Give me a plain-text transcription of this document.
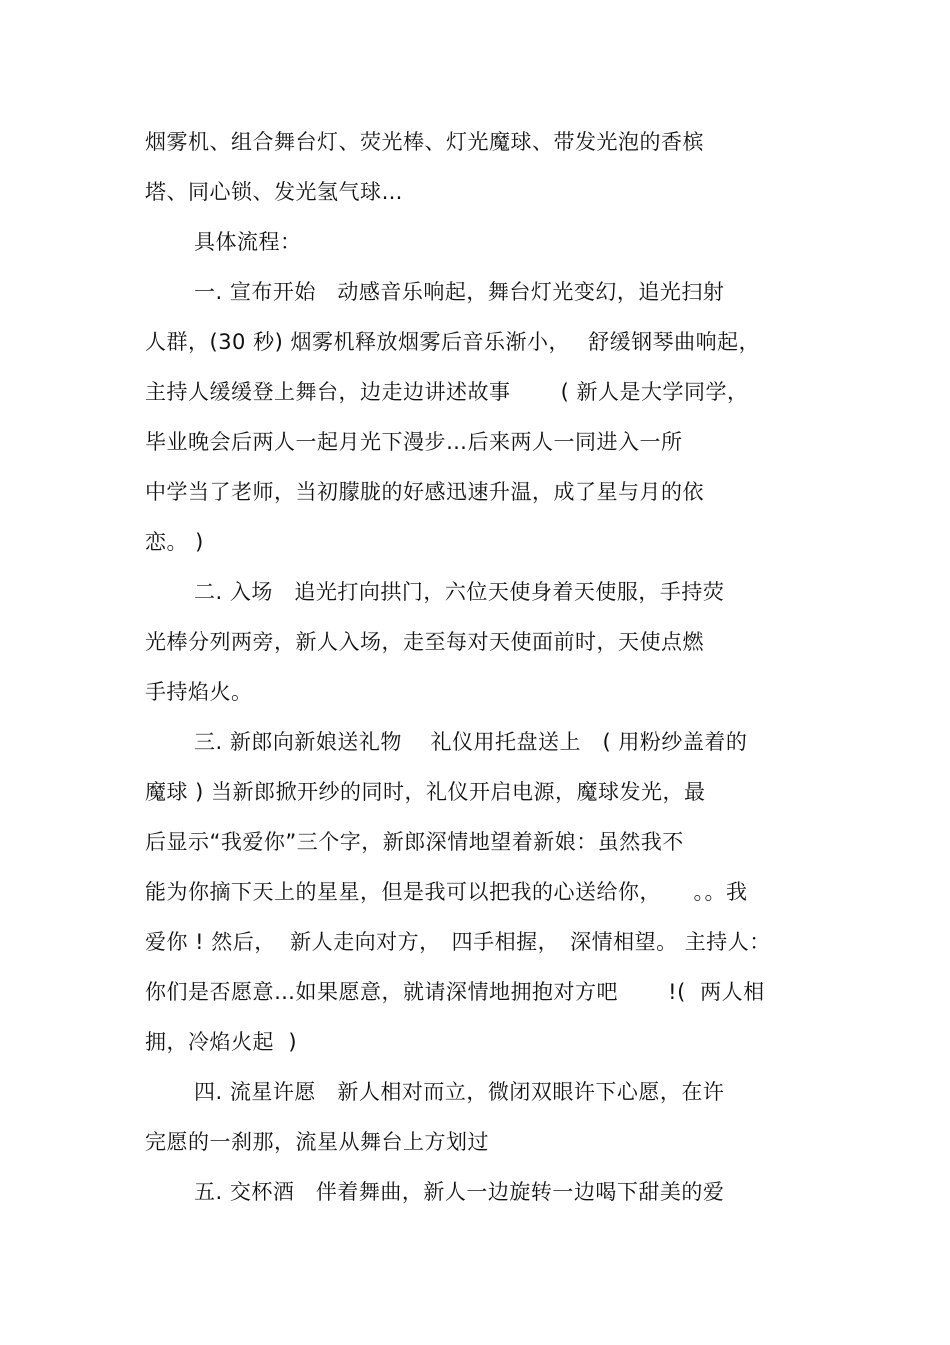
烟雾机、组合舞台灯、荧光棒、灯光魔球、带发光泡的香槟
塔、同心锁、发光氢气球…
具体流程：
一. 宣布开始　动感音乐响起，舞台灯光变幻，追光扫射
人群，(30 秒) 烟雾机释放烟雾后音乐渐小，　 舒缓钢琴曲响起，
主持人缓缓登上舞台，边走边讲述故事　　 ( 新人是大学同学，
毕业晚会后两人一起月光下漫步…后来两人一同进入一所
中学当了老师，当初朦胧的好感迅速升温，成了星与月的依
恋。 )
二. 入场　追光打向拱门，六位天使身着天使服，手持荧
光棒分列两旁，新人入场，走至每对天使面前时，天使点燃
手持焰火。
三. 新郎向新娘送礼物　 礼仪用托盘送上　( 用粉纱盖着的
魔球 ) 当新郎掀开纱的同时，礼仪开启电源，魔球发光，最
后显示“我爱你”三个字，新郎深情地望着新娘：虽然我不
能为你摘下天上的星星，但是我可以把我的心送给你，　　。。我
爱你 ! 然后，  新人走向对方，　四手相握，　深情相望。 主持人：
你们是否愿意…如果愿意，就请深情地拥抱对方吧　　 !(  两人相
拥，冷焰火起  )
四. 流星许愿　新人相对而立，微闭双眼许下心愿，在许
完愿的一刹那，流星从舞台上方划过
五. 交杯酒　伴着舞曲，新人一边旋转一边喝下甜美的爱
